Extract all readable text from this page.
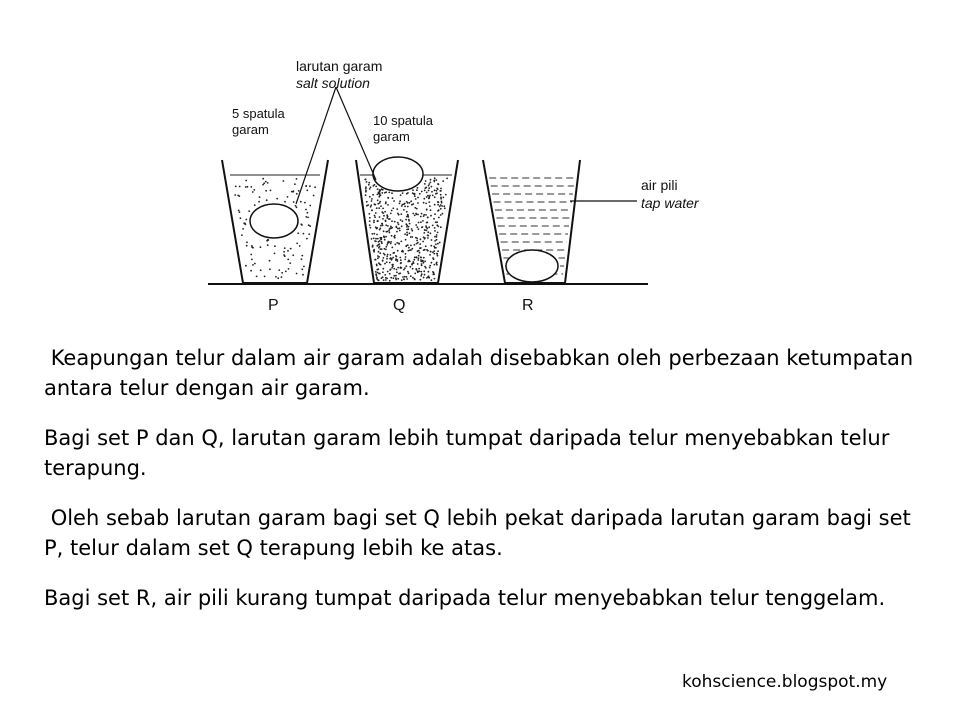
larutan garam
salt solution
5 spatula
garam
10 spatula
garam
air pili
tap water
P	Q	R

Keapungan telur dalam air garam adalah disebabkan oleh perbezaan ketumpatan antara telur dengan air garam.

Bagi set P dan Q, larutan garam lebih tumpat daripada telur menyebabkan telur terapung.

Oleh sebab larutan garam bagi set Q lebih pekat daripada larutan garam bagi set P, telur dalam set Q terapung lebih ke atas.

Bagi set R, air pili kurang tumpat daripada telur menyebabkan telur tenggelam.

kohscience.blogspot.my
